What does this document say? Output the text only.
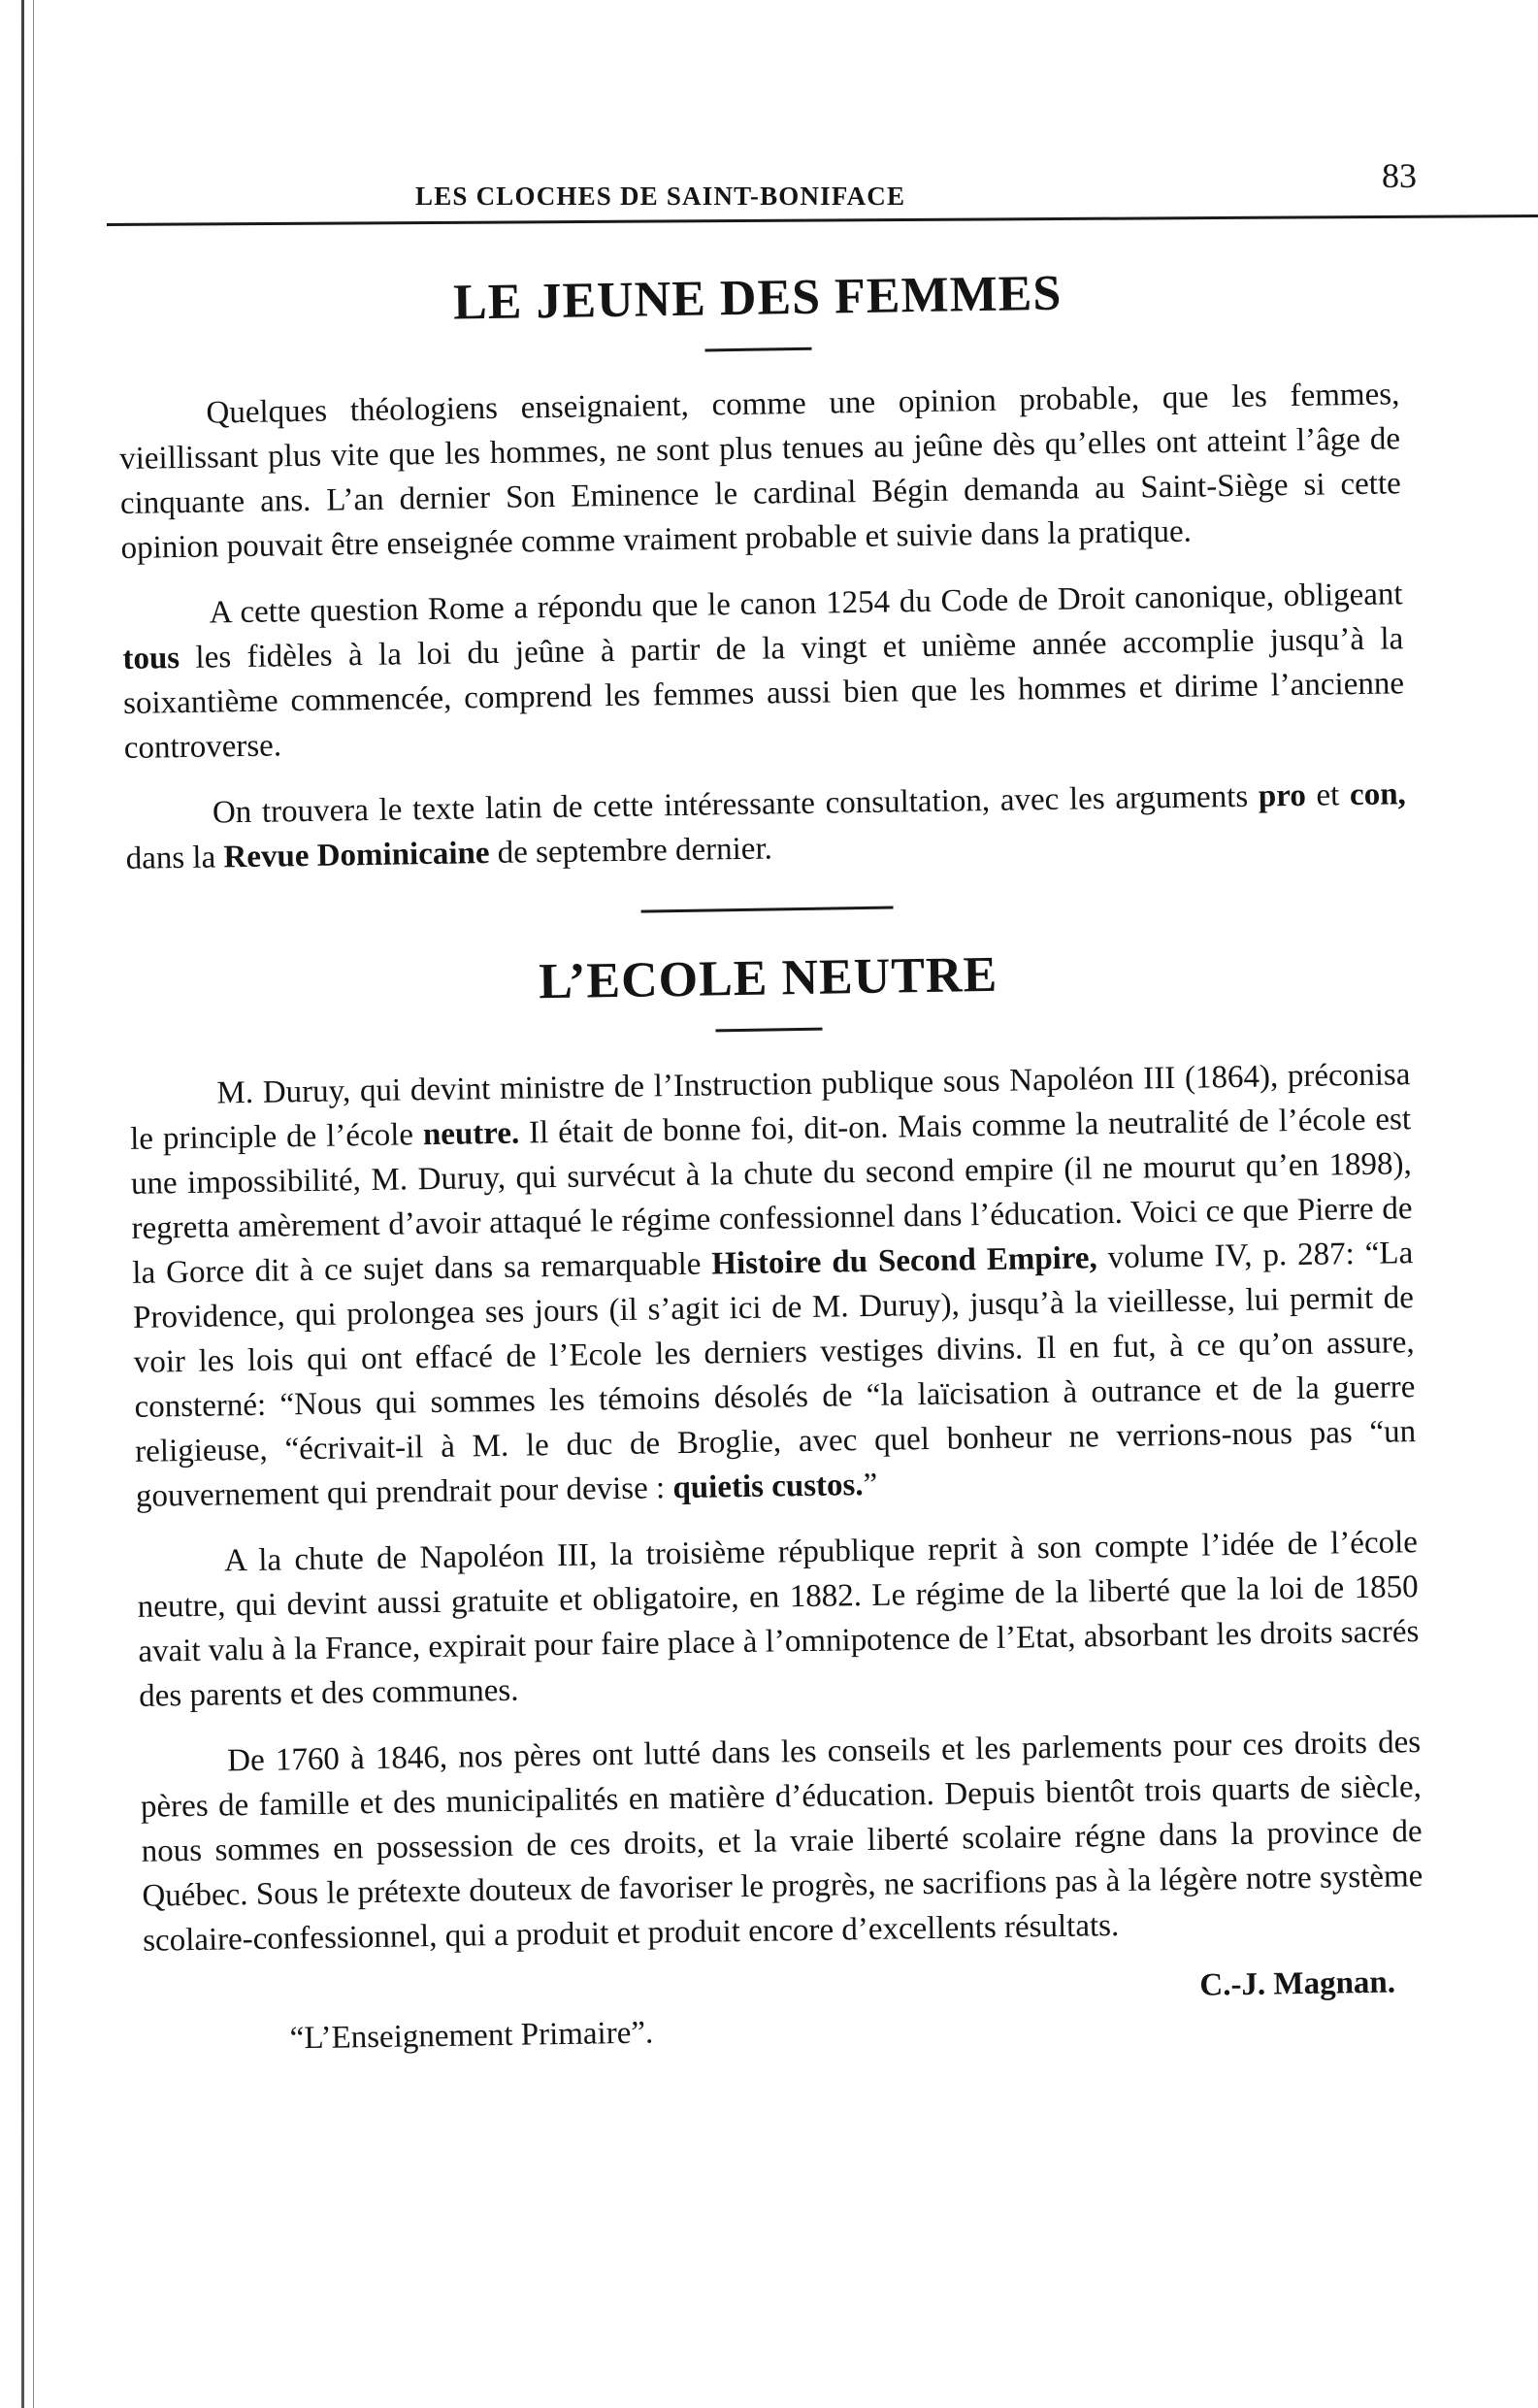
LES CLOCHES DE SAINT-BONIFACE
83
LE JEUNE DES FEMMES

Quelques théologiens enseignaient, comme une opinion probable, que les femmes, vieillissant plus vite que les hommes, ne sont plus tenues au jeûne dès qu’elles ont atteint l’âge de cinquante ans. L’an dernier Son Eminence le cardinal Bégin demanda au Saint-Siège si cette opinion pouvait être enseignée comme vraiment probable et suivie dans la pratique.

A cette question Rome a répondu que le canon 1254 du Code de Droit canonique, obligeant tous les fidèles à la loi du jeûne à partir de la vingt et unième année accomplie jusqu’à la soixantième commencée, comprend les femmes aussi bien que les hommes et dirime l’ancienne controverse.

On trouvera le texte latin de cette intéressante consultation, avec les arguments pro et con, dans la Revue Dominicaine de septembre dernier.

L’ECOLE NEUTRE

M. Duruy, qui devint ministre de l’Instruction publique sous Napoléon III (1864), préconisa le principle de l’école neutre. Il était de bonne foi, dit-on. Mais comme la neutralité de l’école est une impossibilité, M. Duruy, qui survécut à la chute du second empire (il ne mourut qu’en 1898), regretta amèrement d’avoir attaqué le régime confessionnel dans l’éducation. Voici ce que Pierre de la Gorce dit à ce sujet dans sa remarquable Histoire du Second Empire, volume IV, p. 287: “La Providence, qui prolongea ses jours (il s’agit ici de M. Duruy), jusqu’à la vieillesse, lui permit de voir les lois qui ont effacé de l’Ecole les derniers vestiges divins. Il en fut, à ce qu’on assure, consterné: “Nous qui sommes les témoins désolés de “la laïcisation à outrance et de la guerre religieuse, “écrivait-il à M. le duc de Broglie, avec quel bonheur ne verrions-nous pas “un gouvernement qui prendrait pour devise : quietis custos.”

A la chute de Napoléon III, la troisième république reprit à son compte l’idée de l’école neutre, qui devint aussi gratuite et obligatoire, en 1882. Le régime de la liberté que la loi de 1850 avait valu à la France, expirait pour faire place à l’omnipotence de l’Etat, absorbant les droits sacrés des parents et des communes.

De 1760 à 1846, nos pères ont lutté dans les conseils et les parlements pour ces droits des pères de famille et des municipalités en matière d’éducation. Depuis bientôt trois quarts de siècle, nous sommes en possession de ces droits, et la vraie liberté scolaire régne dans la province de Québec. Sous le prétexte douteux de favoriser le progrès, ne sacrifions pas à la légère notre système scolaire-confessionnel, qui a produit et produit encore d’excellents résultats.

C.-J. Magnan.
“L’Enseignement Primaire”.
